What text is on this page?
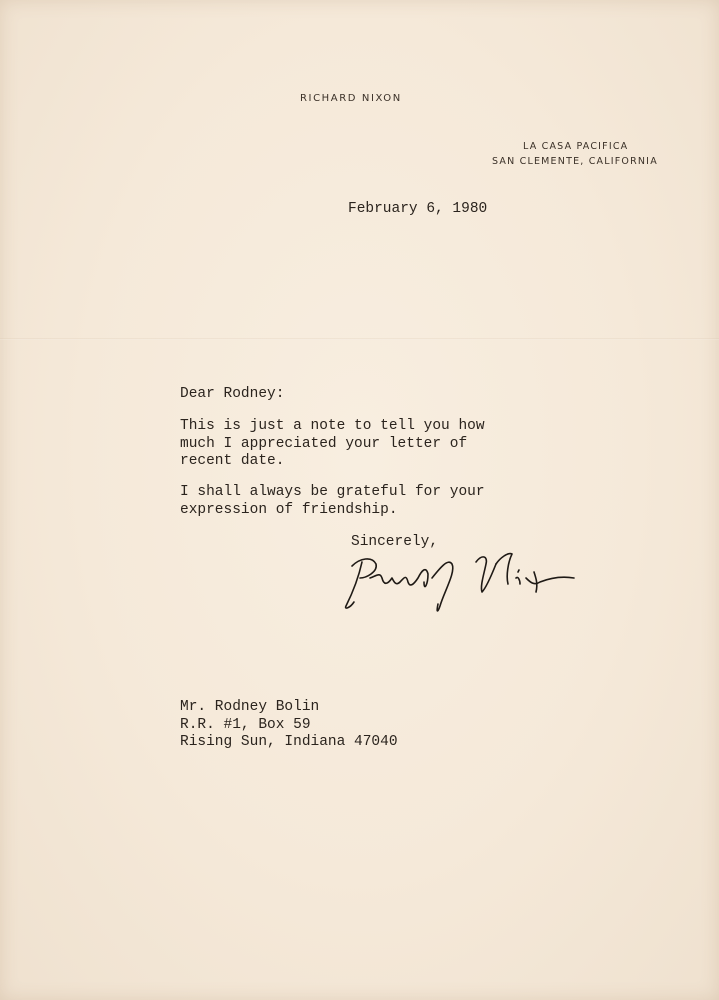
RICHARD NIXON
LA CASA PACIFICA
SAN CLEMENTE, CALIFORNIA
February 6, 1980
Dear Rodney:
This is just a note to tell you how
much I appreciated your letter of
recent date.
I shall always be grateful for your
expression of friendship.
Sincerely,
Mr. Rodney Bolin
R.R. #1, Box 59
Rising Sun, Indiana 47040
